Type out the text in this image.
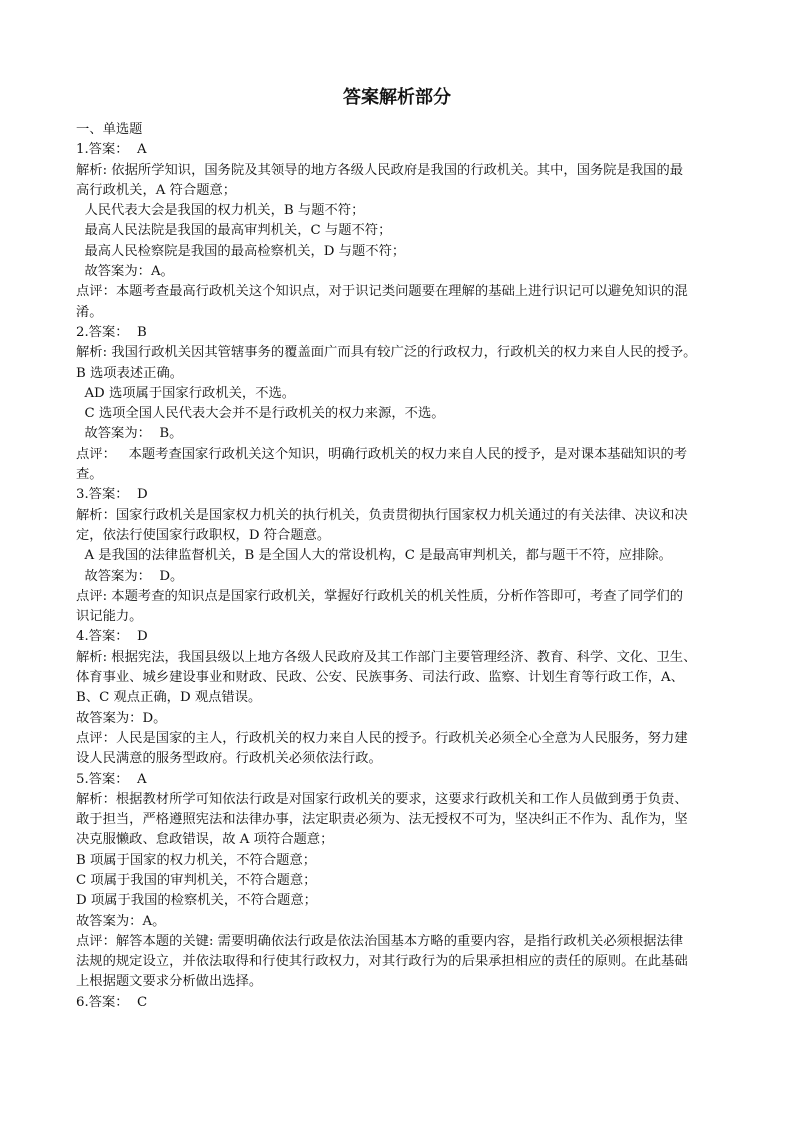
答案解析部分
一、单选题
1.答案：  A
解析: 依据所学知识，国务院及其领导的地方各级人民政府是我国的行政机关。其中，国务院是我国的最
高行政机关，A 符合题意；
人民代表大会是我国的权力机关，B 与题不符；
最高人民法院是我国的最高审判机关，C 与题不符；
最高人民检察院是我国的最高检察机关，D 与题不符；
故答案为：A。
点评：本题考查最高行政机关这个知识点，对于识记类问题要在理解的基础上进行识记可以避免知识的混
淆。
2.答案：  B
解析: 我国行政机关因其管辖事务的覆盖面广而具有较广泛的行政权力，行政机关的权力来自人民的授予。
B 选项表述正确。
AD 选项属于国家行政机关，不选。
C 选项全国人民代表大会并不是行政机关的权力来源，不选。
故答案为：  B。
点评：   本题考查国家行政机关这个知识，明确行政机关的权力来自人民的授予，是对课本基础知识的考
查。
3.答案：  D
解析：国家行政机关是国家权力机关的执行机关，负责贯彻执行国家权力机关通过的有关法律、决议和决
定，依法行使国家行政职权，D 符合题意。
A 是我国的法律监督机关，B 是全国人大的常设机构，C 是最高审判机关，都与题干不符，应排除。
故答案为：  D。
点评: 本题考查的知识点是国家行政机关，掌握好行政机关的机关性质，分析作答即可，考查了同学们的
识记能力。
4.答案：  D
解析: 根据宪法，我国县级以上地方各级人民政府及其工作部门主要管理经济、教育、科学、文化、卫生、
体育事业、城乡建设事业和财政、民政、公安、民族事务、司法行政、监察、计划生育等行政工作，A、
B、C 观点正确，D 观点错误。
故答案为：D。
点评：人民是国家的主人，行政机关的权力来自人民的授予。行政机关必须全心全意为人民服务，努力建
设人民满意的服务型政府。行政机关必须依法行政。
5.答案：  A
解析：根据教材所学可知依法行政是对国家行政机关的要求，这要求行政机关和工作人员做到勇于负责、
敢于担当，严格遵照宪法和法律办事，法定职责必须为、法无授权不可为，坚决纠正不作为、乱作为，坚
决克服懒政、怠政错误，故 A 项符合题意；
B 项属于国家的权力机关，不符合题意；
C 项属于我国的审判机关，不符合题意；
D 项属于我国的检察机关，不符合题意；
故答案为：A。
点评：解答本题的关键: 需要明确依法行政是依法治国基本方略的重要内容，是指行政机关必须根据法律
法规的规定设立，并依法取得和行使其行政权力，对其行政行为的后果承担相应的责任的原则。在此基础
上根据题文要求分析做出选择。
6.答案：  C
